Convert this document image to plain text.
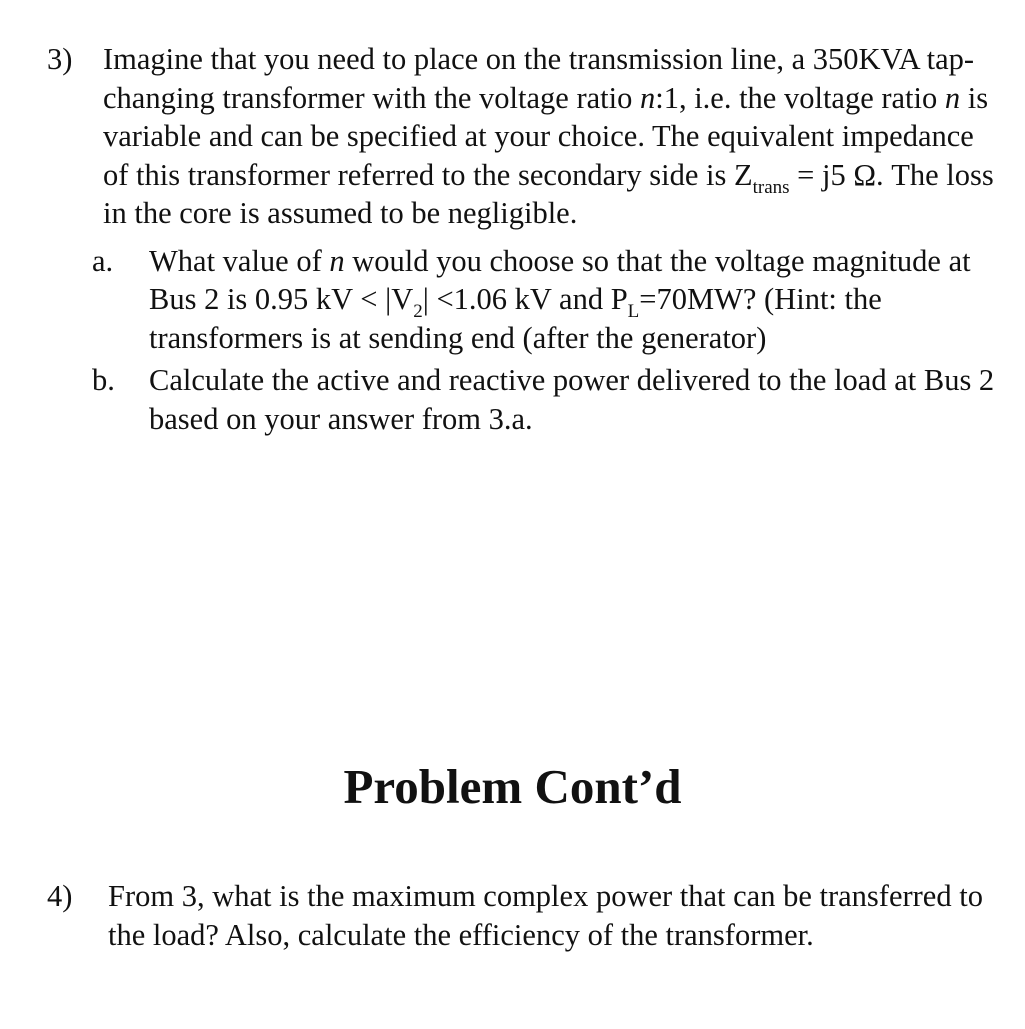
3) Imagine that you need to place on the transmission line, a 350KVA tap-changing transformer with the voltage ratio n:1, i.e. the voltage ratio n is variable and can be specified at your choice. The equivalent impedance of this transformer referred to the secondary side is $Z_{trans} = j5$ Ω. The loss in the core is assumed to be negligible.
a. What value of n would you choose so that the voltage magnitude at Bus 2 is 0.95 kV < $|V_2| <1.06$ kV and $P_L=70MW$? (Hint: the transformers is at sending end (after the generator)
b. Calculate the active and reactive power delivered to the load at Bus 2 based on your answer from 3.a.
Problem Cont’d
4) From 3, what is the maximum complex power that can be transferred to the load? Also, calculate the efficiency of the transformer.
